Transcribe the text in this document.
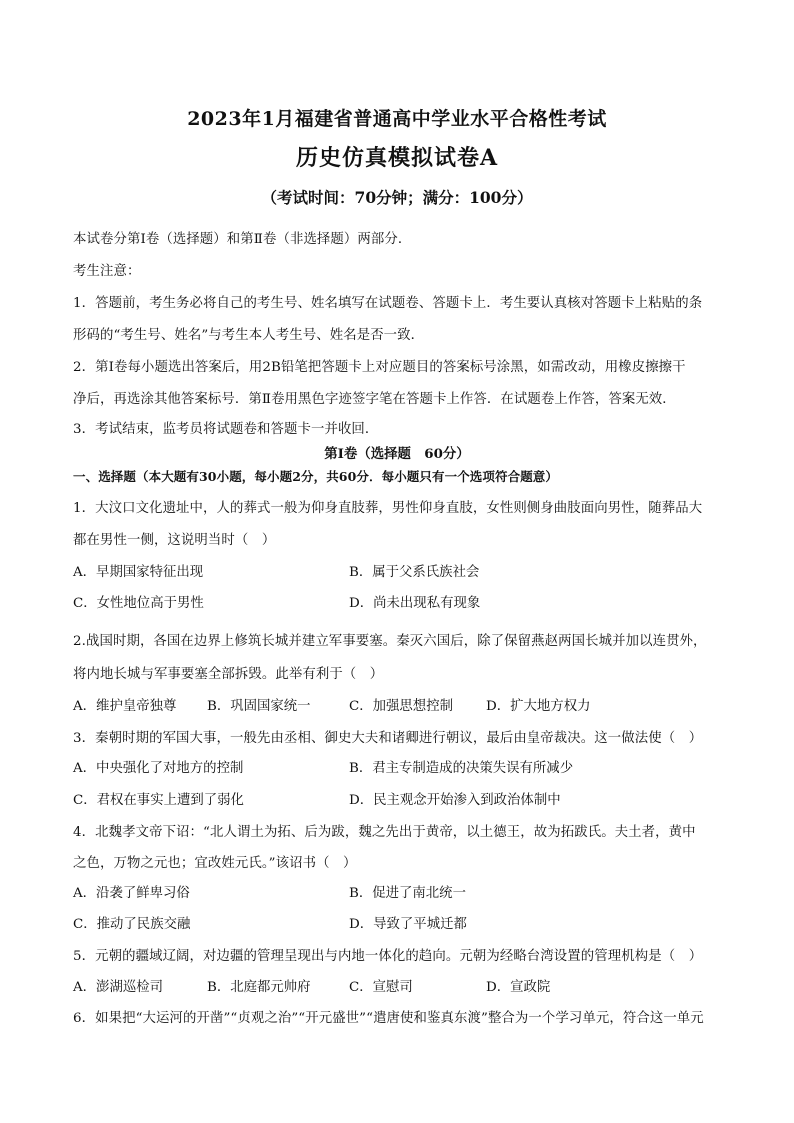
2023年1月福建省普通高中学业水平合格性考试
历史仿真模拟试卷A
（考试时间：70分钟；满分：100分）
本试卷分第Ⅰ卷（选择题）和第Ⅱ卷（非选择题）两部分．
考生注意：
1．答题前，考生务必将自己的考生号、姓名填写在试题卷、答题卡上．考生要认真核对答题卡上粘贴的条
形码的“考生号、姓名”与考生本人考生号、姓名是否一致．
2．第Ⅰ卷每小题选出答案后，用2B铅笔把答题卡上对应题目的答案标号涂黑，如需改动，用橡皮擦擦干
净后，再选涂其他答案标号．第Ⅱ卷用黑色字迹签字笔在答题卡上作答．在试题卷上作答，答案无效．
3．考试结束，监考员将试题卷和答题卡一并收回．
第Ⅰ卷（选择题　60分）
一、选择题（本大题有30小题，每小题2分，共60分．每小题只有一个选项符合题意）
1．大汶口文化遗址中，人的葬式一般为仰身直肢葬，男性仰身直肢，女性则侧身曲肢面向男性，随葬品大
都在男性一侧，这说明当时（　）
A．早期国家特征出现	B．属于父系氏族社会
C．女性地位高于男性	D．尚未出现私有现象
2.战国时期，各国在边界上修筑长城并建立军事要塞。秦灭六国后，除了保留燕赵两国长城并加以连贯外，
将内地长城与军事要塞全部拆毁。此举有利于（　）
A．维护皇帝独尊 B．巩固国家统一	C．加强思想控制 D．扩大地方权力
3．秦朝时期的军国大事，一般先由丞相、御史大夫和诸卿进行朝议，最后由皇帝裁决。这一做法使（　）
A．中央强化了对地方的控制	B．君主专制造成的决策失误有所减少
C．君权在事实上遭到了弱化	D．民主观念开始渗入到政治体制中
4．北魏孝文帝下诏：“北人谓土为拓、后为跋，魏之先出于黄帝，以土德王，故为拓跋氏。夫土者，黄中
之色，万物之元也；宜改姓元氏。”该诏书（　）
A．沿袭了鲜卑习俗	B．促进了南北统一
C．推动了民族交融	D．导致了平城迁都
5．元朝的疆域辽阔，对边疆的管理呈现出与内地一体化的趋向。元朝为经略台湾设置的管理机构是（　）
A．澎湖巡检司	B．北庭都元帅府	C．宣慰司	D．宣政院
6．如果把“大运河的开凿”“贞观之治”“开元盛世”“遣唐使和鉴真东渡”整合为一个学习单元，符合这一单元
